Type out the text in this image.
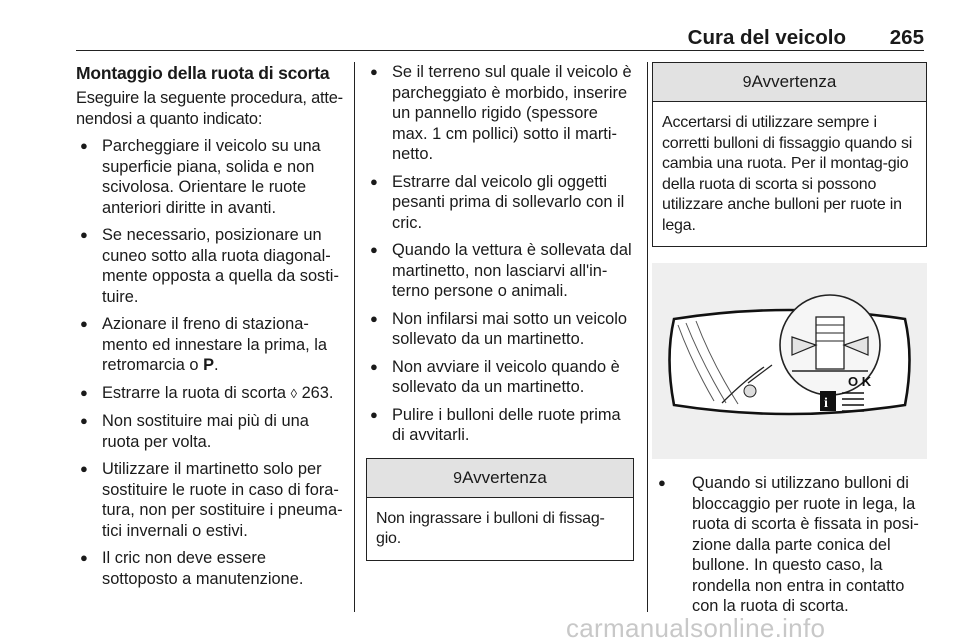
Cura del veicolo 265
Montaggio della ruota di scorta

Eseguire la seguente procedura, atte-nendosi a quanto indicato:

● Parcheggiare il veicolo su una superficie piana, solida e non scivolosa. Orientare le ruote anteriori diritte in avanti.
● Se necessario, posizionare un cuneo sotto alla ruota diagonal-mente opposta a quella da sosti-tuire.
● Azionare il freno di staziona-mento ed innestare la prima, la retromarcia o P.
● Estrarre la ruota di scorta ◊ 263.
● Non sostituire mai più di una ruota per volta.
● Utilizzare il martinetto solo per sostituire le ruote in caso di fora-tura, non per sostituire i pneuma-tici invernali o estivi.
● Il cric non deve essere sottoposto a manutenzione.
● Se il terreno sul quale il veicolo è parcheggiato è morbido, inserire un pannello rigido (spessore max. 1 cm pollici) sotto il marti-netto.
● Estrarre dal veicolo gli oggetti pesanti prima di sollevarlo con il cric.
● Quando la vettura è sollevata dal martinetto, non lasciarvi all'in-terno persone o animali.
● Non infilarsi mai sotto un veicolo sollevato da un martinetto.
● Non avviare il veicolo quando è sollevato da un martinetto.
● Pulire i bulloni delle ruote prima di avvitarli.
9Avvertenza
Non ingrassare i bulloni di fissag-gio.
9Avvertenza
Accertarsi di utilizzare sempre i corretti bulloni di fissaggio quando si cambia una ruota. Per il montag-gio della ruota di scorta si possono utilizzare anche bulloni per ruote in lega.
O K
i
● Quando si utilizzano bulloni di bloccaggio per ruote in lega, la ruota di scorta è fissata in posi-zione dalla parte conica del bullone. In questo caso, la rondella non entra in contatto con la ruota di scorta.
carmanualsonline.info
